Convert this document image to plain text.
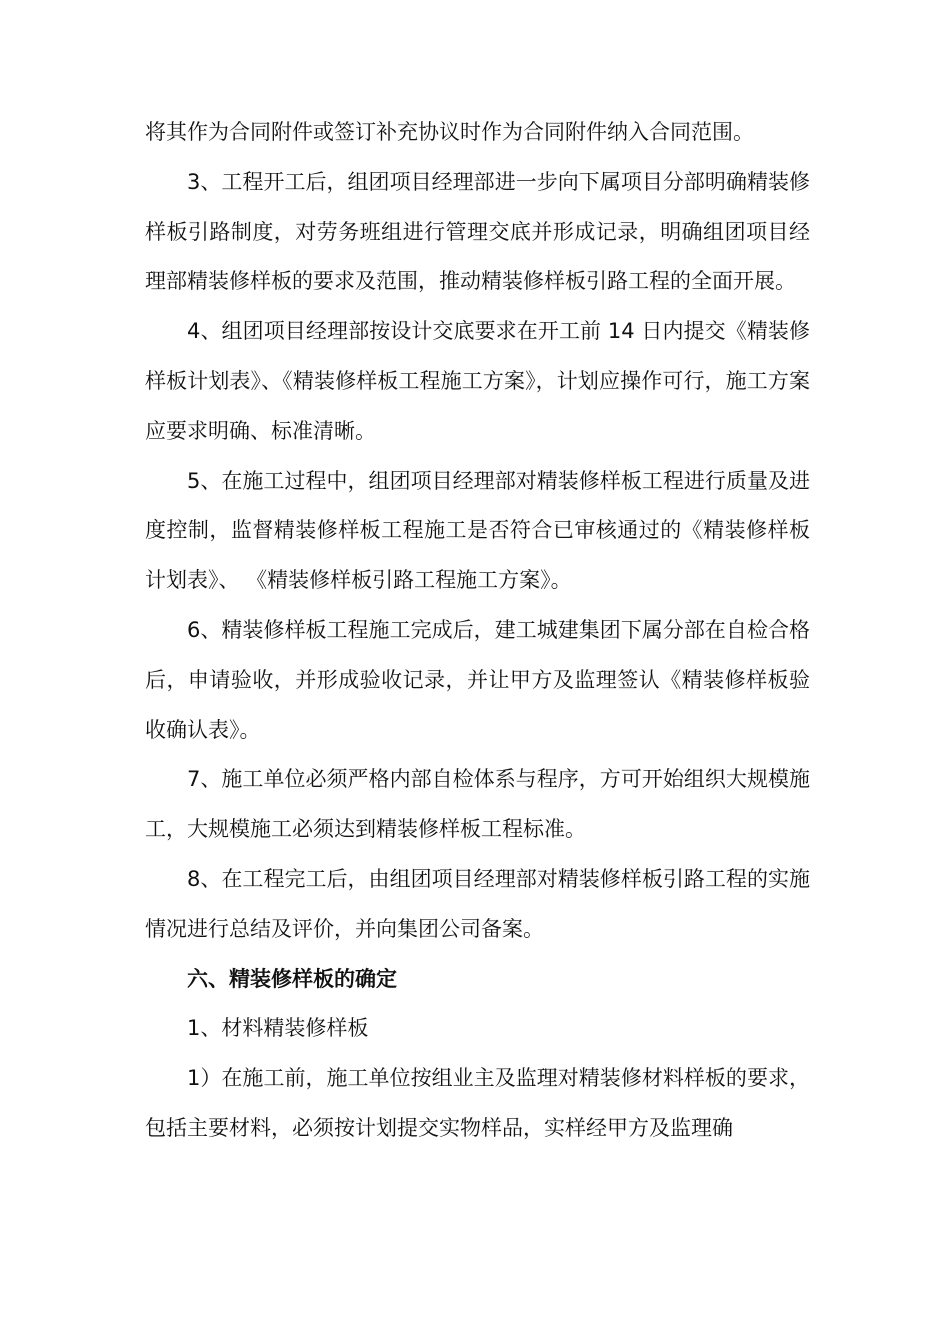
将其作为合同附件或签订补充协议时作为合同附件纳入合同范围。

3、工程开工后，组团项目经理部进一步向下属项目分部明确精装修样板引路制度，对劳务班组进行管理交底并形成记录，明确组团项目经理部精装修样板的要求及范围，推动精装修样板引路工程的全面开展。

4、组团项目经理部按设计交底要求在开工前 14 日内提交《精装修样板计划表》、《精装修样板工程施工方案》，计划应操作可行，施工方案应要求明确、标准清晰。

5、在施工过程中，组团项目经理部对精装修样板工程进行质量及进度控制，监督精装修样板工程施工是否符合已审核通过的《精装修样板计划表》、 《精装修样板引路工程施工方案》。

6、精装修样板工程施工完成后，建工城建集团下属分部在自检合格后，申请验收，并形成验收记录，并让甲方及监理签认《精装修样板验收确认表》。

7、施工单位必须严格内部自检体系与程序，方可开始组织大规模施工，大规模施工必须达到精装修样板工程标准。

8、在工程完工后，由组团项目经理部对精装修样板引路工程的实施情况进行总结及评价，并向集团公司备案。

六、精装修样板的确定

1、材料精装修样板

1）在施工前，施工单位按组业主及监理对精装修材料样板的要求，包括主要材料，必须按计划提交实物样品，实样经甲方及监理确
